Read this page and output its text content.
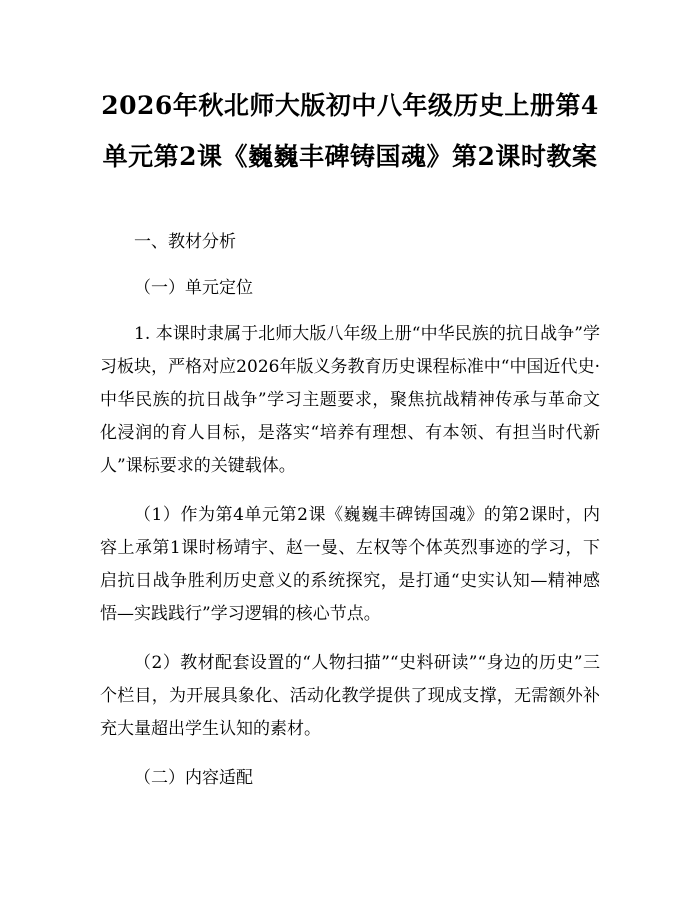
2026年秋北师大版初中八年级历史上册第4单元第2课《巍巍丰碑铸国魂》第2课时教案

一、教材分析

（一）单元定位

1. 本课时隶属于北师大版八年级上册“中华民族的抗日战争”学习板块，严格对应2026年版义务教育历史课程标准中“中国近代史·中华民族的抗日战争”学习主题要求，聚焦抗战精神传承与革命文化浸润的育人目标，是落实“培养有理想、有本领、有担当时代新人”课标要求的关键载体。

（1）作为第4单元第2课《巍巍丰碑铸国魂》的第2课时，内容上承第1课时杨靖宇、赵一曼、左权等个体英烈事迹的学习，下启抗日战争胜利历史意义的系统探究，是打通“史实认知—精神感悟—实践践行”学习逻辑的核心节点。

（2）教材配套设置的“人物扫描”“史料研读”“身边的历史”三个栏目，为开展具象化、活动化教学提供了现成支撑，无需额外补充大量超出学生认知的素材。

（二）内容适配
